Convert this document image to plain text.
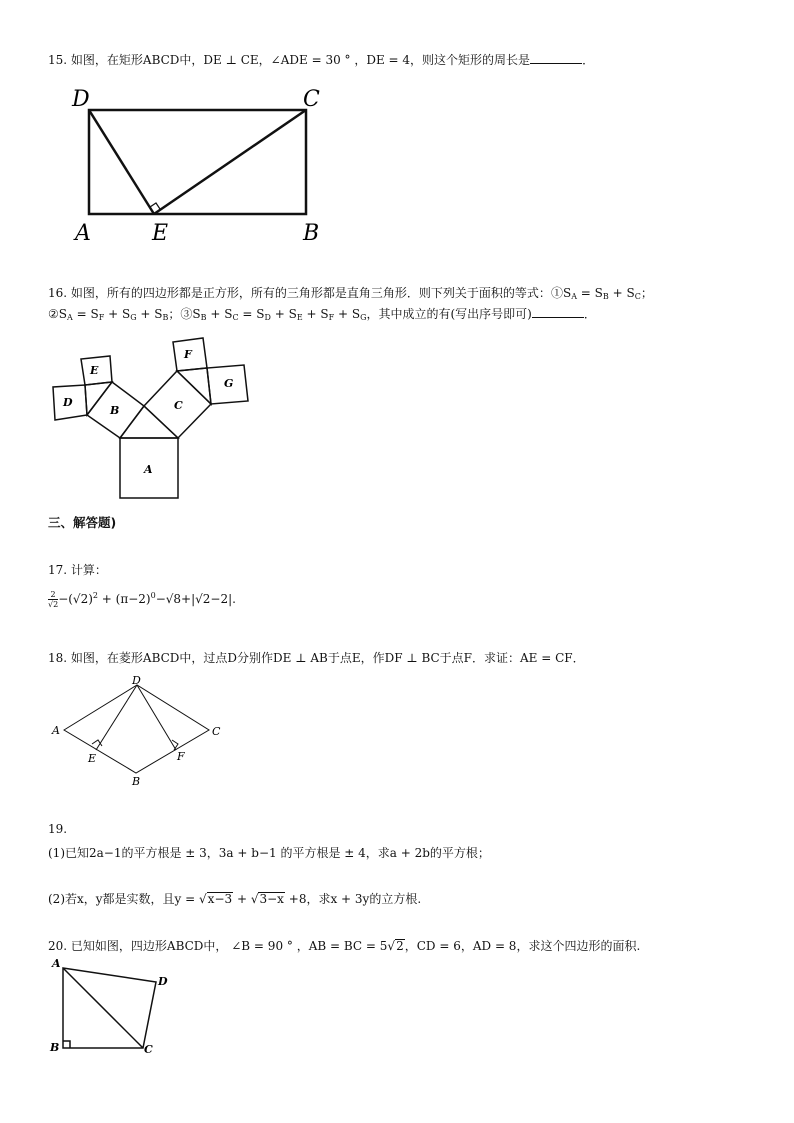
15. 如图，在矩形ABCD中，DE ⊥ CE，∠ADE = 30 ° ，DE = 4，则这个矩形的周长是	．
D	C
A	E	B
16. 如图，所有的四边形都是正方形，所有的三角形都是直角三角形．则下列关于面积的等式：$①S_A = S_B + S_C$；
$②S_A = S_F + S_G + S_B$；$③S_B + S_C = S_D + S_E + S_F + S_G$，其中成立的有(写出序号即可)	．
A
B	C
D
E
F
G
三、解答题)
17. 计算：
$\frac{2}{√2} -(√2)^2 + (\pi-2)^0-√8+|√2-2|$.
18. 如图，在菱形ABCD中，过点D分别作DE ⊥ AB于点E，作DF ⊥ BC于点F．求证：AE = CF．
D
A	C
E	F
B
19.
(1)已知2a−1的平方根是 ± 3，3a + b−1 的平方根是 ± 4，求a + 2b的平方根；
(2)若x，y都是实数，且y = √x−3 + √3−x +8，求x + 3y的立方根.
20. 已知如图，四边形ABCD中， ∠B = 90 ° ，AB = BC = 5√2，CD = 6，AD = 8，求这个四边形的面积.
A
D
B	C
